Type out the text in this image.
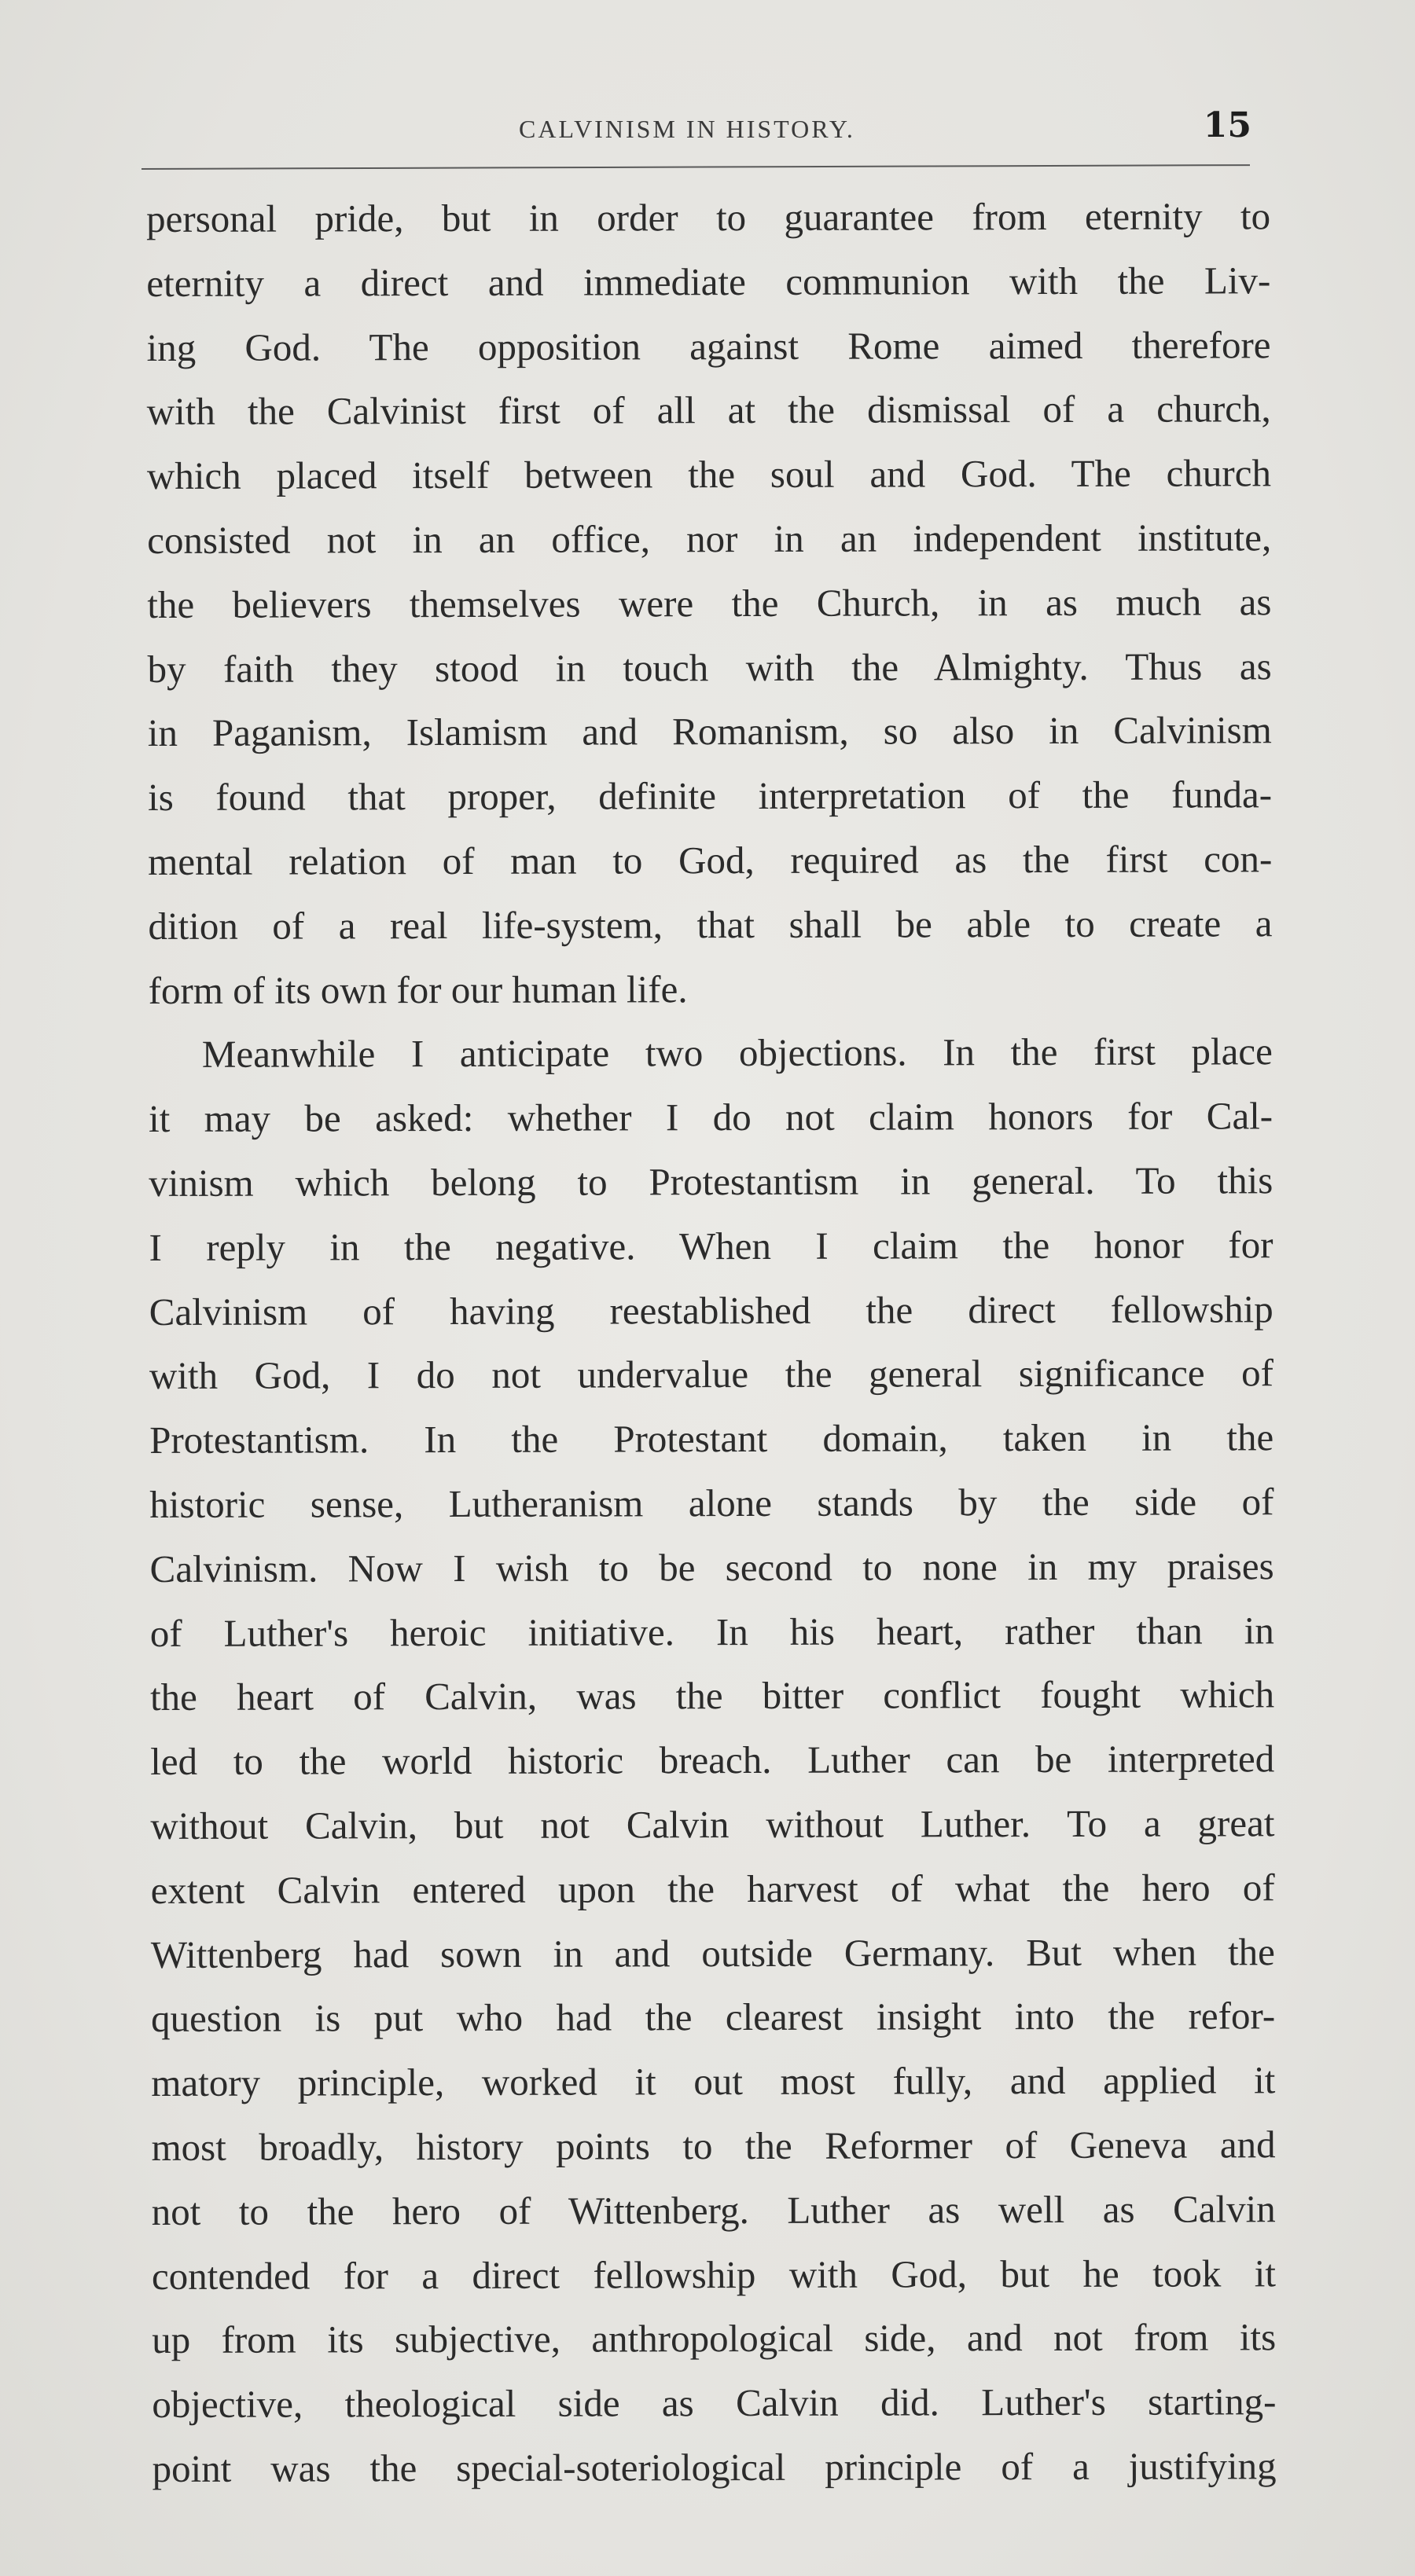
CALVINISM IN HISTORY.	15
personal pride, but in order to guarantee from eternity to
eternity a direct and immediate communion with the Liv-
ing God. The opposition against Rome aimed therefore
with the Calvinist first of all at the dismissal of a church,
which placed itself between the soul and God. The church
consisted not in an office, nor in an independent institute,
the believers themselves were the Church, in as much as
by faith they stood in touch with the Almighty. Thus as
in Paganism, Islamism and Romanism, so also in Calvinism
is found that proper, definite interpretation of the funda-
mental relation of man to God, required as the first con-
dition of a real life-system, that shall be able to create a
form of its own for our human life.
Meanwhile I anticipate two objections. In the first place
it may be asked: whether I do not claim honors for Cal-
vinism which belong to Protestantism in general. To this
I reply in the negative. When I claim the honor for
Calvinism of having reestablished the direct fellowship
with God, I do not undervalue the general significance of
Protestantism. In the Protestant domain, taken in the
historic sense, Lutheranism alone stands by the side of
Calvinism. Now I wish to be second to none in my praises
of Luther's heroic initiative. In his heart, rather than in
the heart of Calvin, was the bitter conflict fought which
led to the world historic breach. Luther can be interpreted
without Calvin, but not Calvin without Luther. To a great
extent Calvin entered upon the harvest of what the hero of
Wittenberg had sown in and outside Germany. But when the
question is put who had the clearest insight into the refor-
matory principle, worked it out most fully, and applied it
most broadly, history points to the Reformer of Geneva and
not to the hero of Wittenberg. Luther as well as Calvin
contended for a direct fellowship with God, but he took it
up from its subjective, anthropological side, and not from its
objective, theological side as Calvin did. Luther's starting-
point was the special-soteriological principle of a justifying
